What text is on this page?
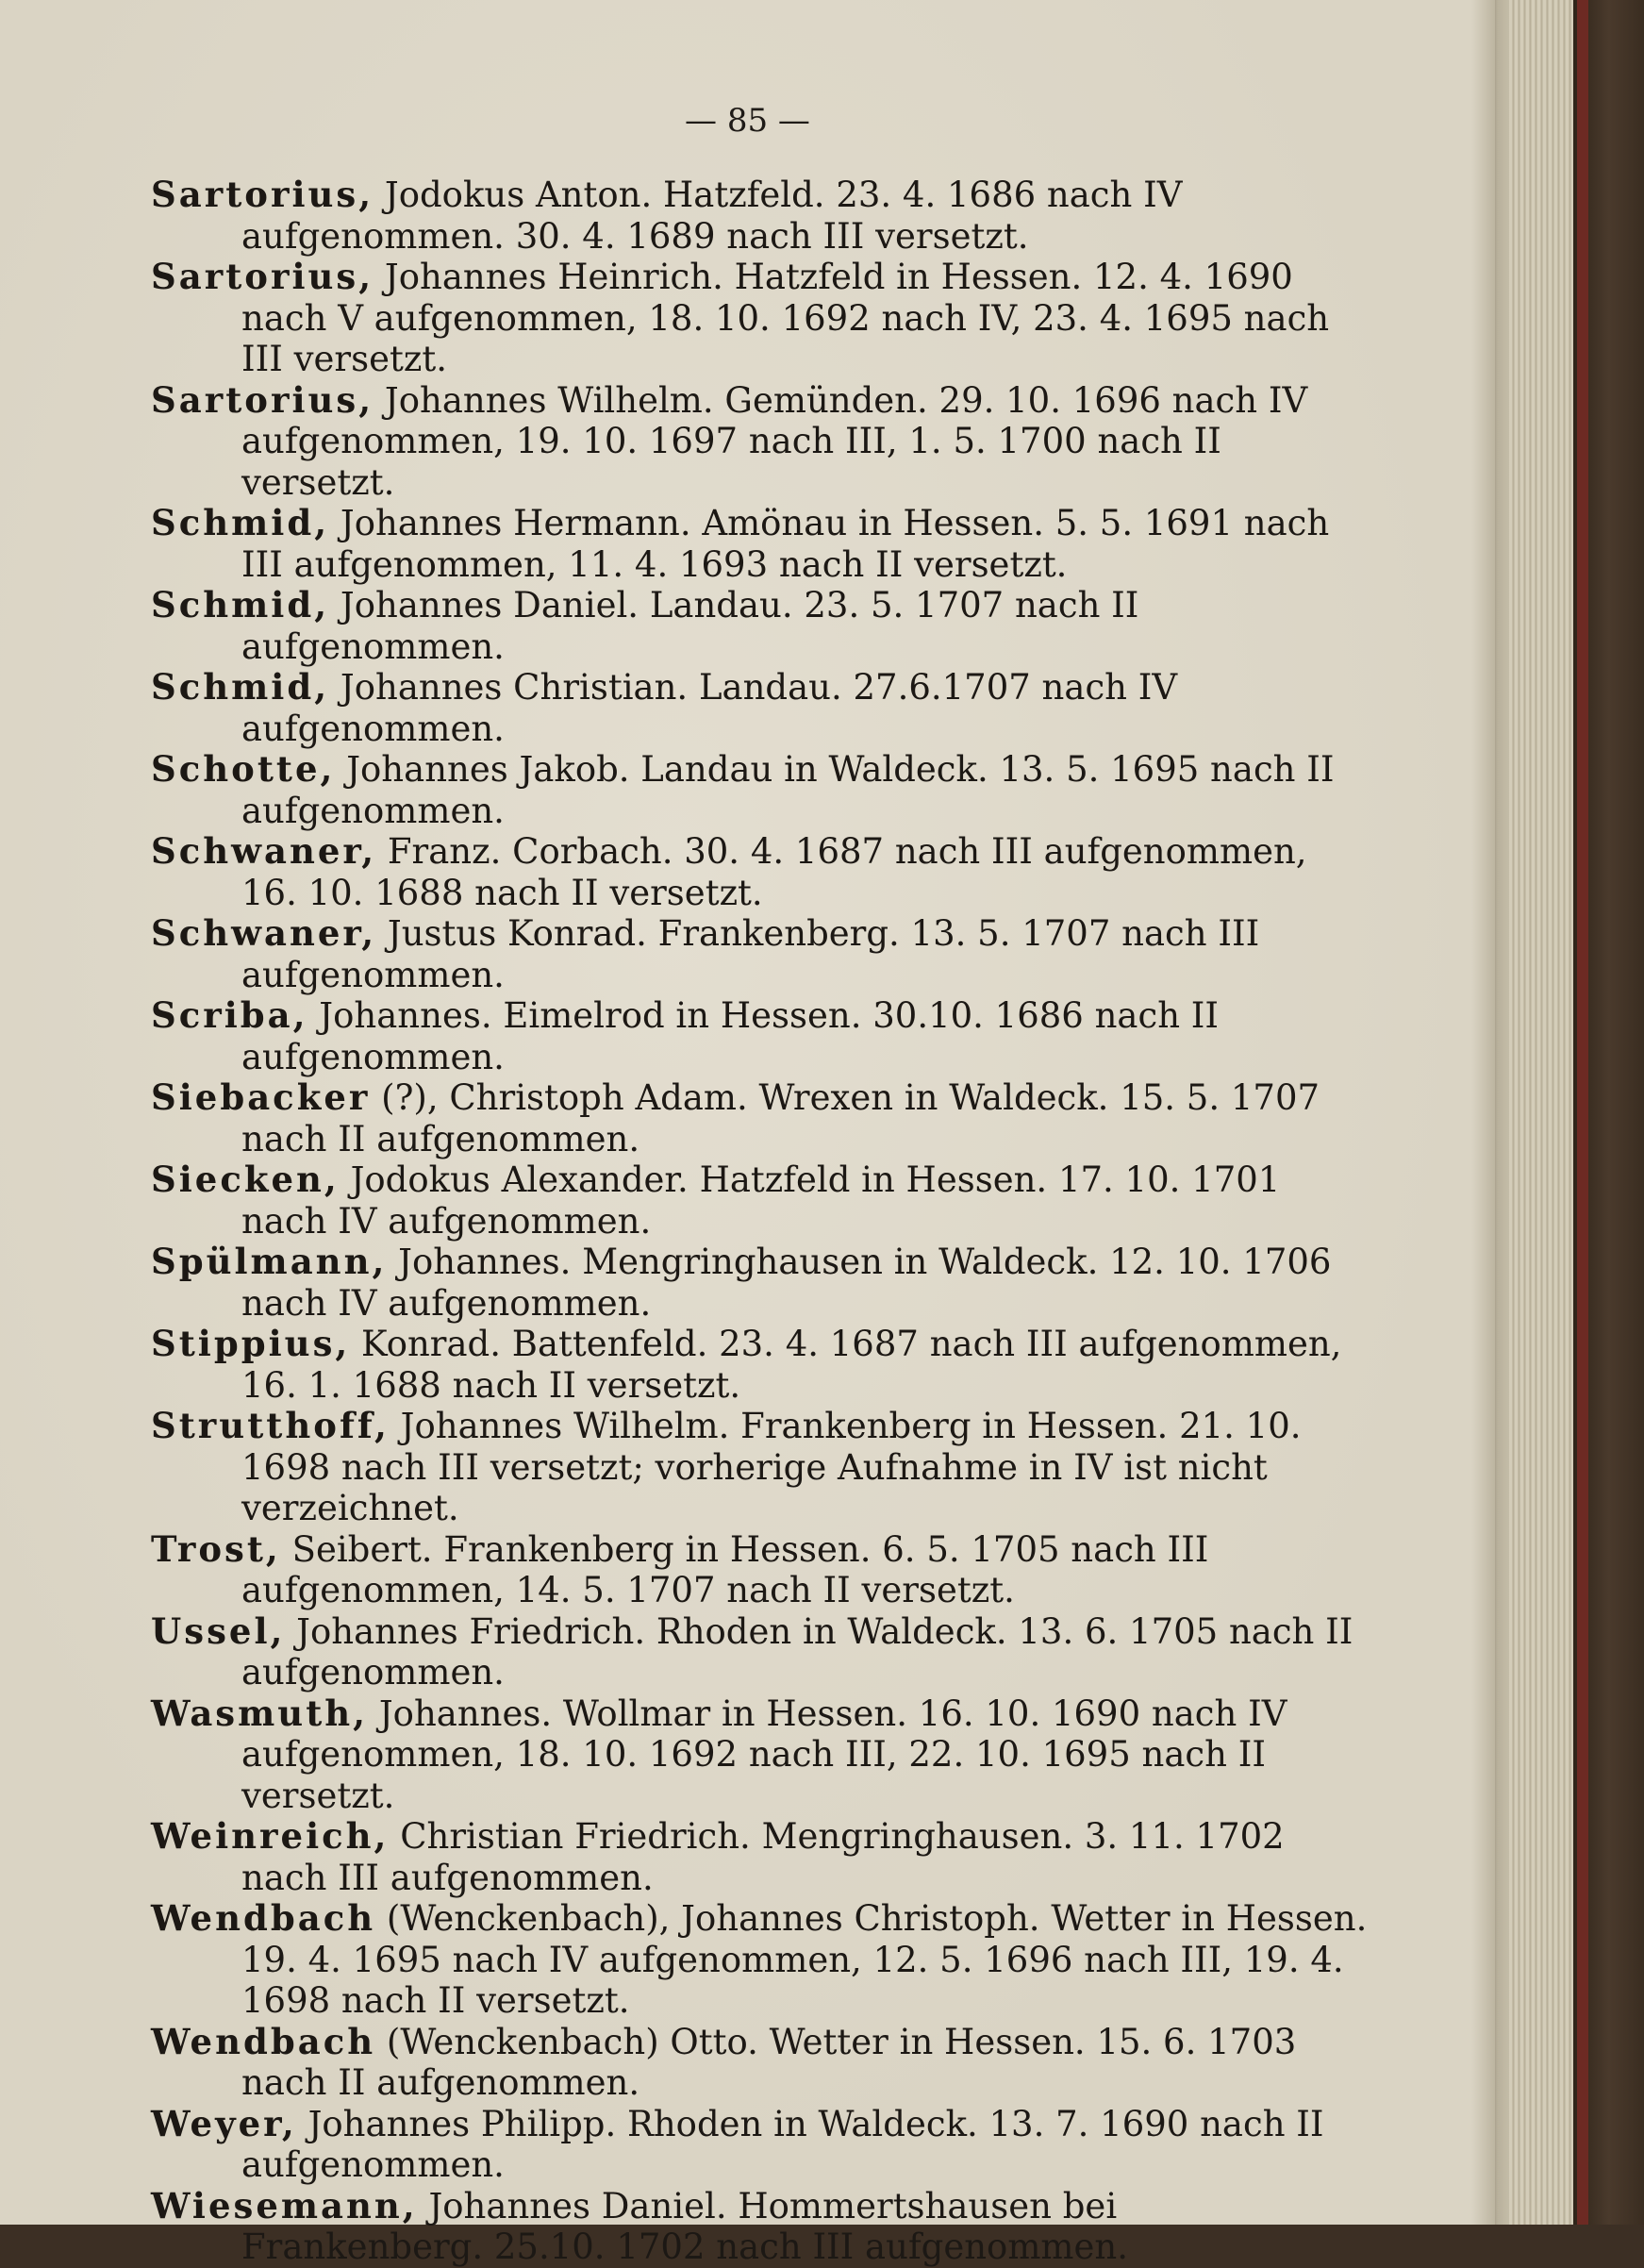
— 85 —
Sartorius, Jodokus Anton. Hatzfeld. 23. 4. 1686 nach IV aufgenommen. 30. 4. 1689 nach III versetzt.
Sartorius, Johannes Heinrich. Hatzfeld in Hessen. 12. 4. 1690 nach V aufgenommen, 18. 10. 1692 nach IV, 23. 4. 1695 nach III versetzt.
Sartorius, Johannes Wilhelm. Gemünden. 29. 10. 1696 nach IV aufgenommen, 19. 10. 1697 nach III, 1. 5. 1700 nach II versetzt.
Schmid, Johannes Hermann. Amönau in Hessen. 5. 5. 1691 nach III aufgenommen, 11. 4. 1693 nach II versetzt.
Schmid, Johannes Daniel. Landau. 23. 5. 1707 nach II aufgenommen.
Schmid, Johannes Christian. Landau. 27.6.1707 nach IV aufgenommen.
Schotte, Johannes Jakob. Landau in Waldeck. 13. 5. 1695 nach II aufgenommen.
Schwaner, Franz. Corbach. 30. 4. 1687 nach III aufgenommen, 16. 10. 1688 nach II versetzt.
Schwaner, Justus Konrad. Frankenberg. 13. 5. 1707 nach III aufgenommen.
Scriba, Johannes. Eimelrod in Hessen. 30.10. 1686 nach II aufgenommen.
Siebacker (?), Christoph Adam. Wrexen in Waldeck. 15. 5. 1707 nach II aufgenommen.
Siecken, Jodokus Alexander. Hatzfeld in Hessen. 17. 10. 1701 nach IV aufgenommen.
Spülmann, Johannes. Mengringhausen in Waldeck. 12. 10. 1706 nach IV aufgenommen.
Stippius, Konrad. Battenfeld. 23. 4. 1687 nach III aufgenommen, 16. 1. 1688 nach II versetzt.
Strutthoff, Johannes Wilhelm. Frankenberg in Hessen. 21. 10. 1698 nach III versetzt; vorherige Aufnahme in IV ist nicht verzeichnet.
Trost, Seibert. Frankenberg in Hessen. 6. 5. 1705 nach III aufgenommen, 14. 5. 1707 nach II versetzt.
Ussel, Johannes Friedrich. Rhoden in Waldeck. 13. 6. 1705 nach II aufgenommen.
Wasmuth, Johannes. Wollmar in Hessen. 16. 10. 1690 nach IV aufgenommen, 18. 10. 1692 nach III, 22. 10. 1695 nach II versetzt.
Weinreich, Christian Friedrich. Mengringhausen. 3. 11. 1702 nach III aufgenommen.
Wendbach (Wenckenbach), Johannes Christoph. Wetter in Hessen. 19. 4. 1695 nach IV aufgenommen, 12. 5. 1696 nach III, 19. 4. 1698 nach II versetzt.
Wendbach (Wenckenbach) Otto. Wetter in Hessen. 15. 6. 1703 nach II aufgenommen.
Weyer, Johannes Philipp. Rhoden in Waldeck. 13. 7. 1690 nach II aufgenommen.
Wiesemann, Johannes Daniel. Hommertshausen bei Frankenberg. 25.10. 1702 nach III aufgenommen.
